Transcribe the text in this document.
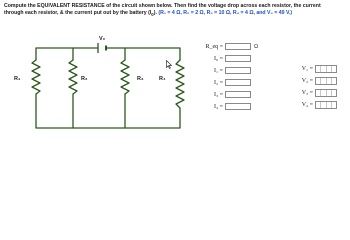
Compute the EQUIVALENT RESISTANCE of the circuit shown below. Then find the voltage drop across each resistor, the current
through each resistor, & the current put out by the battery $(I_0)$. (R₁ = 4 Ω, R₂ = 2 Ω, R₃ = 10 Ω, R₄ = 4 Ω, and V₀ = 49 V.)

V₀
R₁	R₂	R₃	R₄
R_eq =	Ω
I₀ =
I₁ =
I₂ =
I₃ =
I₄ =
V₁ =
V₂ =
V₃ =
V₄ =
